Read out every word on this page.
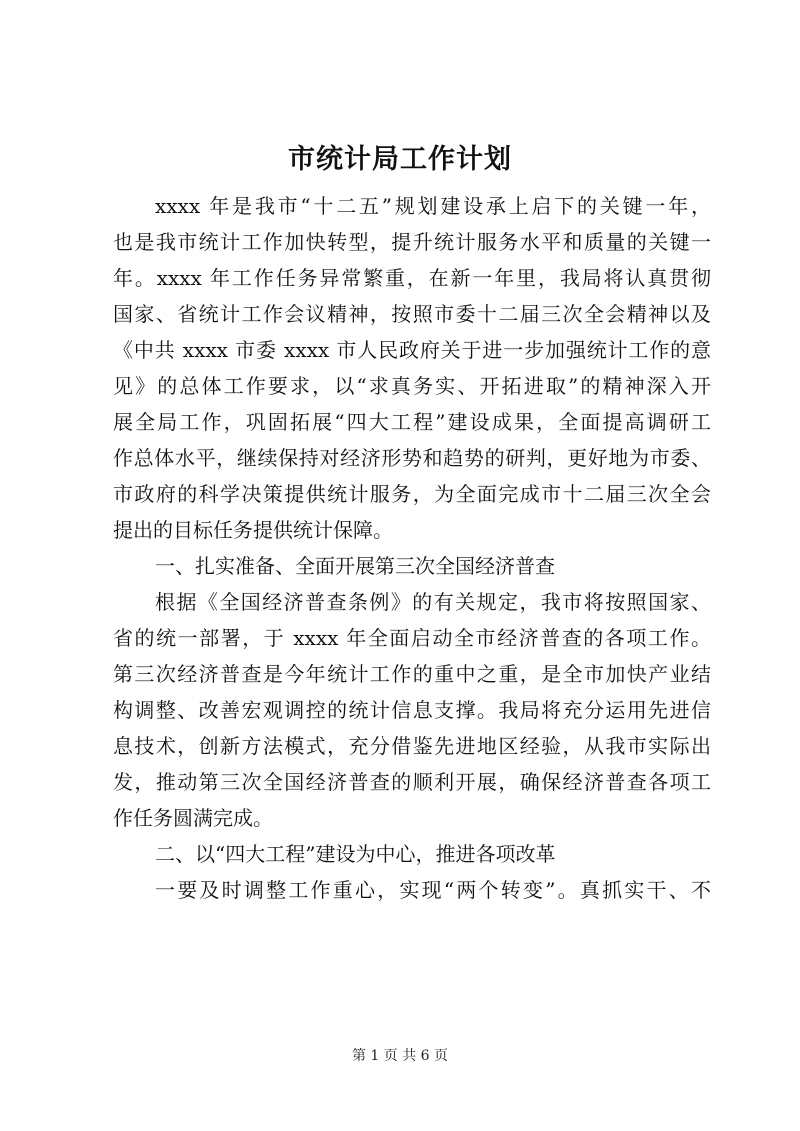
市统计局工作计划
xxxx 年是我市“十二五”规划建设承上启下的关键一年，
也是我市统计工作加快转型，提升统计服务水平和质量的关键一
年。xxxx 年工作任务异常繁重，在新一年里，我局将认真贯彻
国家、省统计工作会议精神，按照市委十二届三次全会精神以及
《中共 xxxx 市委 xxxx 市人民政府关于进一步加强统计工作的意
见》的总体工作要求，以“求真务实、开拓进取”的精神深入开
展全局工作，巩固拓展“四大工程”建设成果，全面提高调研工
作总体水平，继续保持对经济形势和趋势的研判，更好地为市委、
市政府的科学决策提供统计服务，为全面完成市十二届三次全会
提出的目标任务提供统计保障。
一、扎实准备、全面开展第三次全国经济普查
根据《全国经济普查条例》的有关规定，我市将按照国家、
省的统一部署，于 xxxx 年全面启动全市经济普查的各项工作。
第三次经济普查是今年统计工作的重中之重，是全市加快产业结
构调整、改善宏观调控的统计信息支撑。我局将充分运用先进信
息技术，创新方法模式，充分借鉴先进地区经验，从我市实际出
发，推动第三次全国经济普查的顺利开展，确保经济普查各项工
作任务圆满完成。
二、以“四大工程”建设为中心，推进各项改革
一要及时调整工作重心，实现“两个转变”。真抓实干、不
第 1 页 共 6 页
